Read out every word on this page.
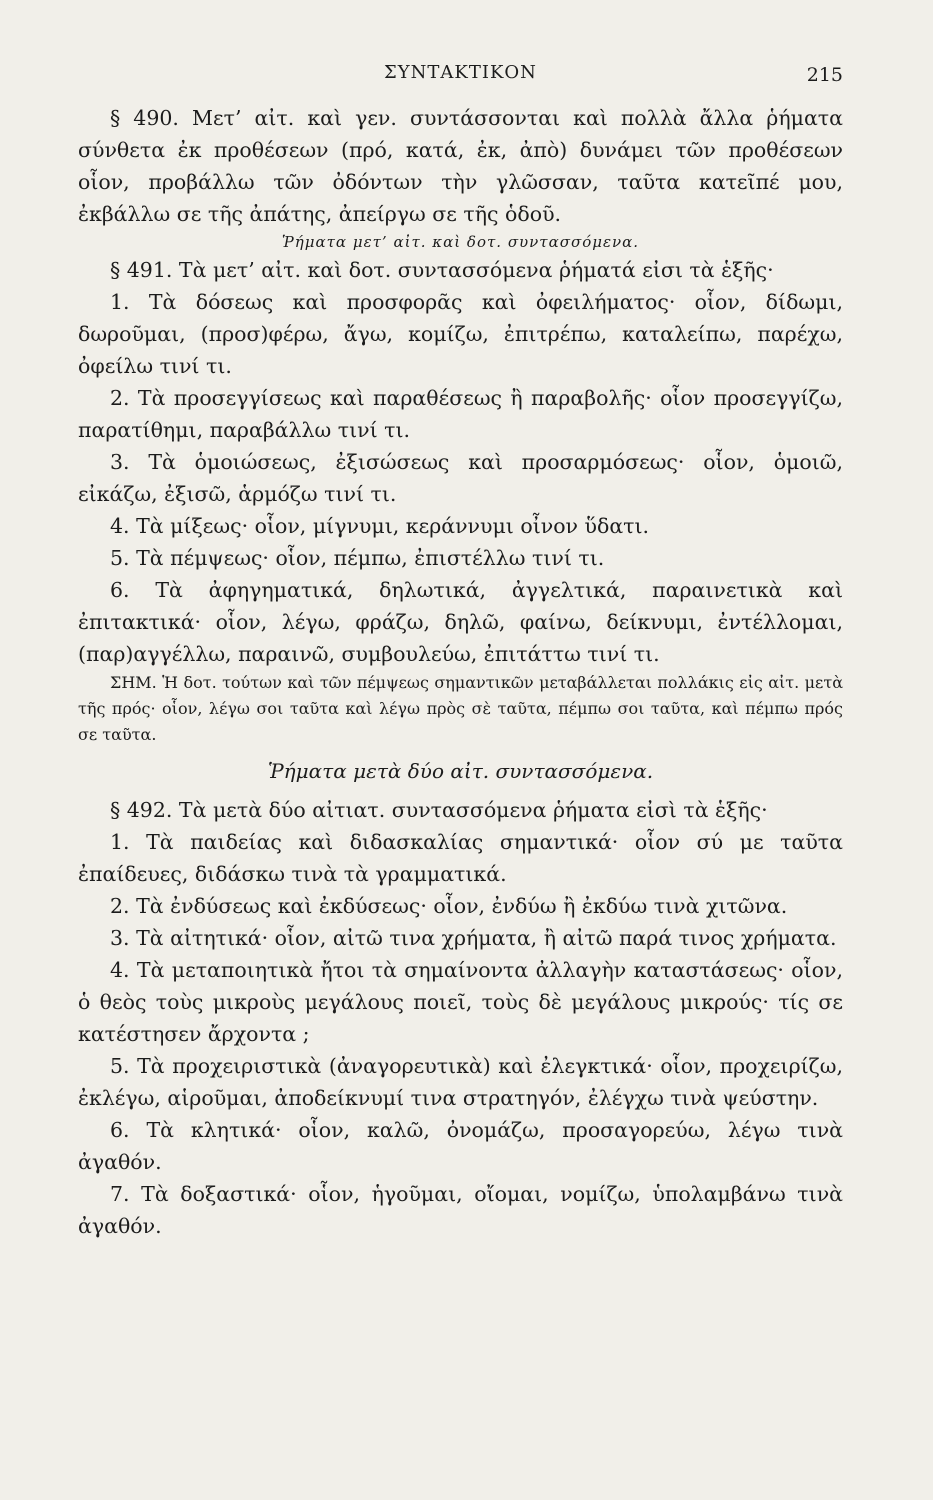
ΣΥΝΤΑΚΤΙΚΟΝ	215

§ 490. Μετ’ αἰτ. καὶ γεν. συντάσσονται καὶ πολλὰ ἄλλα ῥήματα σύνθετα ἐκ προθέσεων (πρό, κατά, ἐκ, ἀπὸ) δυνάμει τῶν προθέσεων οἷον, προβάλλω τῶν ὀδόντων τὴν γλῶσσαν, ταῦτα κατεῖπέ μου, ἐκβάλλω σε τῆς ἀπάτης, ἀπείργω σε τῆς ὁδοῦ.

Ῥήματα μετ’ αἰτ. καὶ δοτ. συντασσόμενα.

§ 491. Τὰ μετ’ αἰτ. καὶ δοτ. συντασσόμενα ῥήματά εἰσι τὰ ἑξῆς·

1. Τὰ δόσεως καὶ προσφορᾶς καὶ ὀφειλήματος· οἷον, δίδωμι, δωροῦμαι, (προσ)φέρω, ἄγω, κομίζω, ἐπιτρέπω, καταλείπω, παρέχω, ὀφείλω τινί τι.

2. Τὰ προσεγγίσεως καὶ παραθέσεως ἢ παραβολῆς· οἷον προσεγγίζω, παρατίθημι, παραβάλλω τινί τι.

3. Τὰ ὁμοιώσεως, ἐξισώσεως καὶ προσαρμόσεως· οἷον, ὁμοιῶ, εἰκάζω, ἐξισῶ, ἁρμόζω τινί τι.

4. Τὰ μίξεως· οἷον, μίγνυμι, κεράννυμι οἶνον ὕδατι.

5. Τὰ πέμψεως· οἷον, πέμπω, ἐπιστέλλω τινί τι.

6. Τὰ ἀφηγηματικά, δηλωτικά, ἀγγελτικά, παραινετικὰ καὶ ἐπιτακτικά· οἷον, λέγω, φράζω, δηλῶ, φαίνω, δείκνυμι, ἐντέλλομαι, (παρ)αγγέλλω, παραινῶ, συμβουλεύω, ἐπιτάττω τινί τι.

ΣΗΜ. Ἡ δοτ. τούτων καὶ τῶν πέμψεως σημαντικῶν μεταβάλλεται πολλάκις εἰς αἰτ. μετὰ τῆς πρός· οἷον, λέγω σοι ταῦτα καὶ λέγω πρὸς σὲ ταῦτα, πέμπω σοι ταῦτα, καὶ πέμπω πρός σε ταῦτα.

Ῥήματα μετὰ δύο αἰτ. συντασσόμενα.

§ 492. Τὰ μετὰ δύο αἰτιατ. συντασσόμενα ῥήματα εἰσὶ τὰ ἑξῆς·

1. Τὰ παιδείας καὶ διδασκαλίας σημαντικά· οἷον σύ με ταῦτα ἐπαίδευες, διδάσκω τινὰ τὰ γραμματικά.

2. Τὰ ἐνδύσεως καὶ ἐκδύσεως· οἷον, ἐνδύω ἢ ἐκδύω τινὰ χιτῶνα.

3. Τὰ αἰτητικά· οἷον, αἰτῶ τινα χρήματα, ἢ αἰτῶ παρά τινος χρήματα.

4. Τὰ μεταποιητικὰ ἤτοι τὰ σημαίνοντα ἀλλαγὴν καταστάσεως· οἷον, ὁ θεὸς τοὺς μικροὺς μεγάλους ποιεῖ, τοὺς δὲ μεγάλους μικρούς· τίς σε κατέστησεν ἄρχοντα ;

5. Τὰ προχειριστικὰ (ἀναγορευτικὰ) καὶ ἐλεγκτικά· οἷον, προχειρίζω, ἐκλέγω, αἱροῦμαι, ἀποδείκνυμί τινα στρατηγόν, ἐλέγχω τινὰ ψεύστην.

6. Τὰ κλητικά· οἷον, καλῶ, ὀνομάζω, προσαγορεύω, λέγω τινὰ ἀγαθόν.

7. Τὰ δοξαστικά· οἷον, ἡγοῦμαι, οἴομαι, νομίζω, ὑπολαμβάνω τινὰ ἀγαθόν.
